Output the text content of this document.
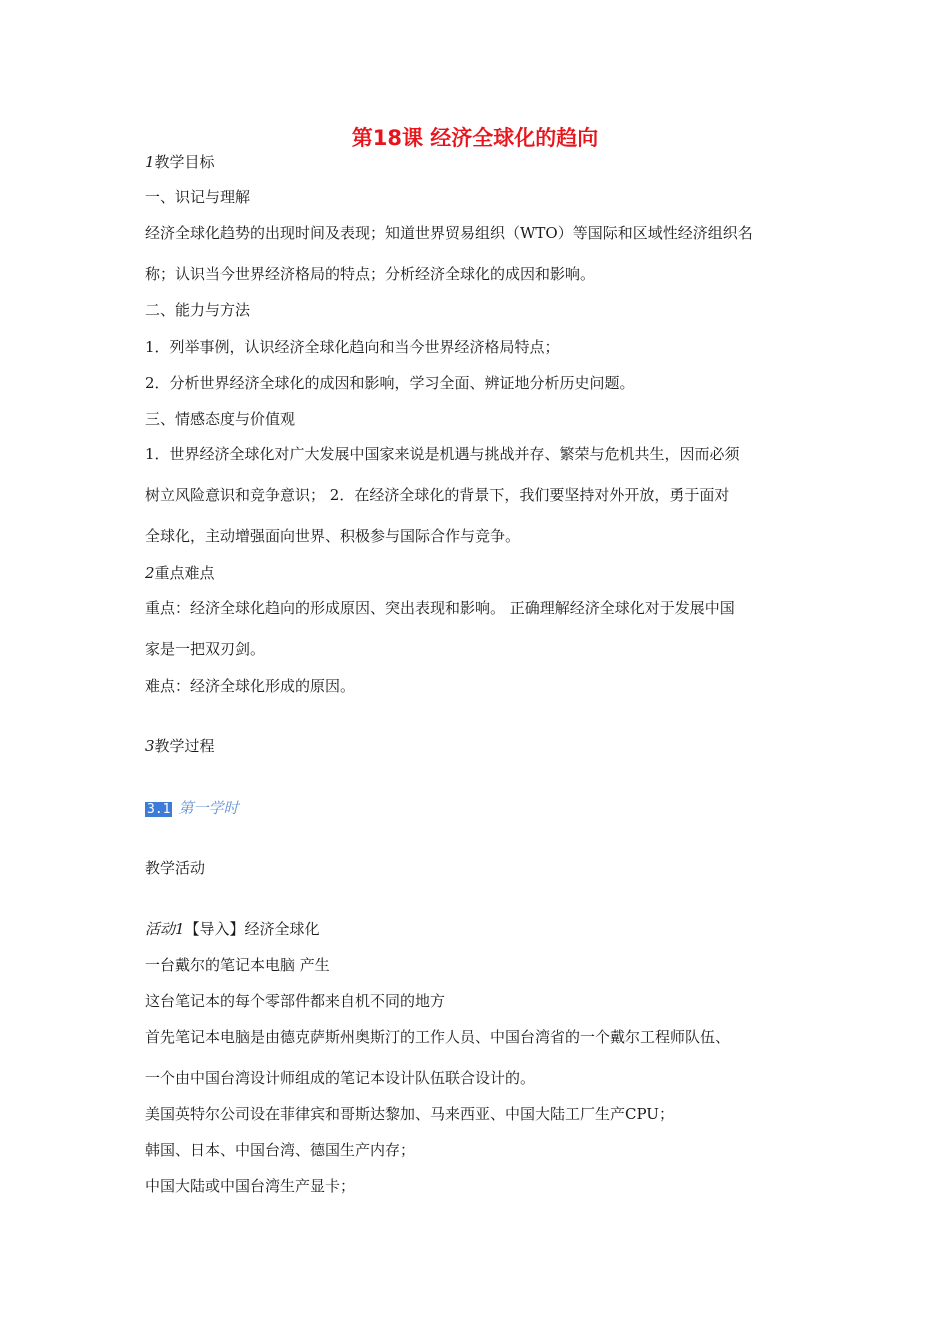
第18课 经济全球化的趋向
1教学目标
一、识记与理解
经济全球化趋势的出现时间及表现；知道世界贸易组织（WTO）等国际和区域性经济组织名
称；认识当今世界经济格局的特点；分析经济全球化的成因和影响。
二、能力与方法
1．列举事例，认识经济全球化趋向和当今世界经济格局特点；
2．分析世界经济全球化的成因和影响，学习全面、辨证地分析历史问题。
三、情感态度与价值观
1．世界经济全球化对广大发展中国家来说是机遇与挑战并存、繁荣与危机共生，因而必须
树立风险意识和竞争意识； 2．在经济全球化的背景下，我们要坚持对外开放，勇于面对
全球化，主动增强面向世界、积极参与国际合作与竞争。
2重点难点
重点：经济全球化趋向的形成原因、突出表现和影响。 正确理解经济全球化对于发展中国
家是一把双刃剑。
难点：经济全球化形成的原因。
3教学过程
3.1 第一学时
教学活动
活动1【导入】经济全球化
一台戴尔的笔记本电脑 产生
这台笔记本的每个零部件都来自机不同的地方
首先笔记本电脑是由德克萨斯州奥斯汀的工作人员、中国台湾省的一个戴尔工程师队伍、
一个由中国台湾设计师组成的笔记本设计队伍联合设计的。
美国英特尔公司设在菲律宾和哥斯达黎加、马来西亚、中国大陆工厂生产CPU；
韩国、日本、中国台湾、德国生产内存；
中国大陆或中国台湾生产显卡；
